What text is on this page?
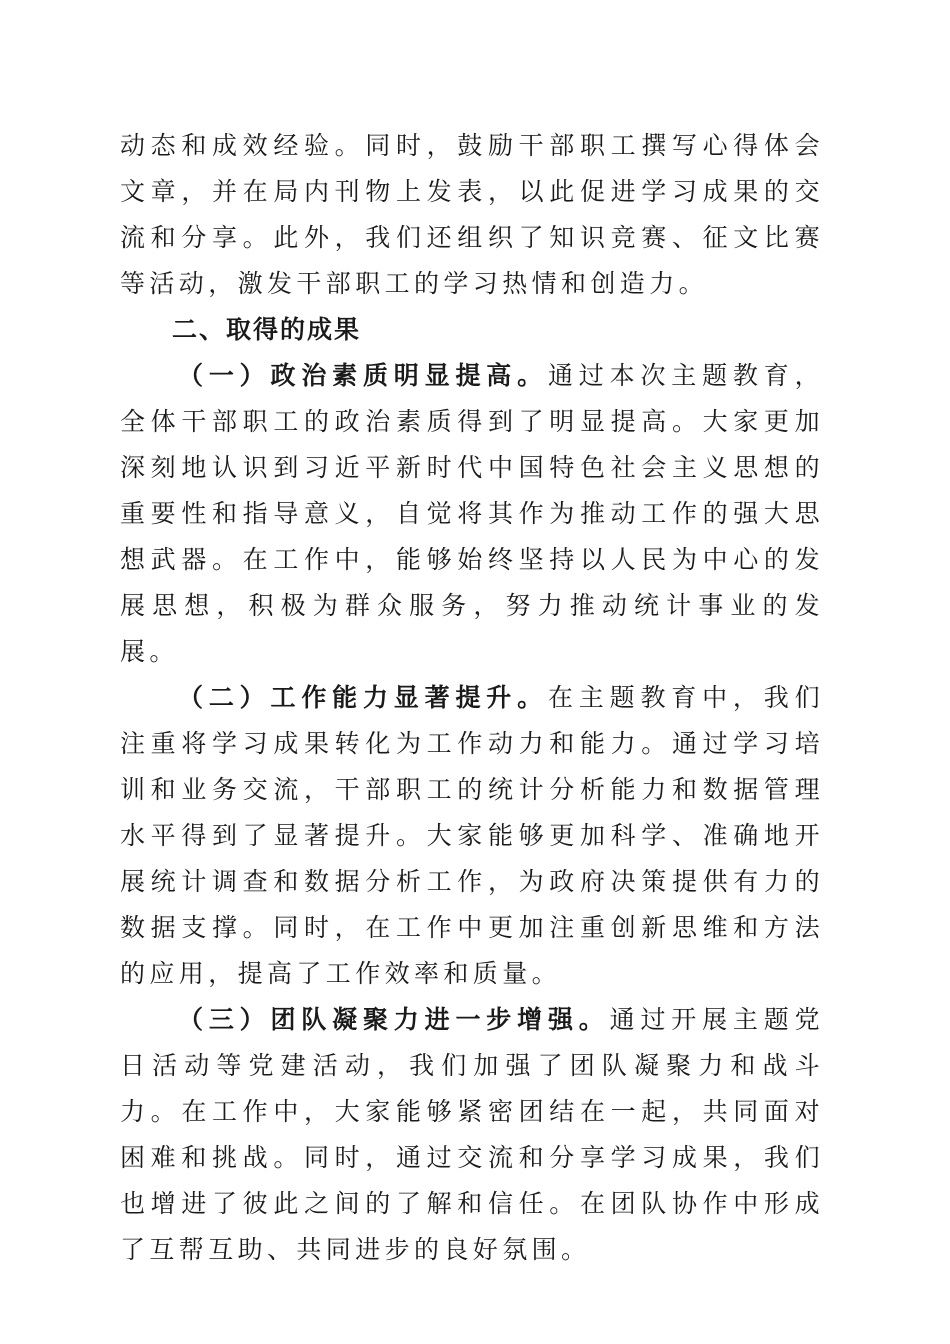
动态和成效经验。同时，鼓励干部职工撰写心得体会文章，并在局内刊物上发表，以此促进学习成果的交流和分享。此外，我们还组织了知识竞赛、征文比赛等活动，激发干部职工的学习热情和创造力。

二、取得的成果

（一）政治素质明显提高。通过本次主题教育，全体干部职工的政治素质得到了明显提高。大家更加深刻地认识到习近平新时代中国特色社会主义思想的重要性和指导意义，自觉将其作为推动工作的强大思想武器。在工作中，能够始终坚持以人民为中心的发展思想，积极为群众服务，努力推动统计事业的发展。

（二）工作能力显著提升。在主题教育中，我们注重将学习成果转化为工作动力和能力。通过学习培训和业务交流，干部职工的统计分析能力和数据管理水平得到了显著提升。大家能够更加科学、准确地开展统计调查和数据分析工作，为政府决策提供有力的数据支撑。同时，在工作中更加注重创新思维和方法的应用，提高了工作效率和质量。

（三）团队凝聚力进一步增强。通过开展主题党日活动等党建活动，我们加强了团队凝聚力和战斗力。在工作中，大家能够紧密团结在一起，共同面对困难和挑战。同时，通过交流和分享学习成果，我们也增进了彼此之间的了解和信任。在团队协作中形成了互帮互助、共同进步的良好氛围。
